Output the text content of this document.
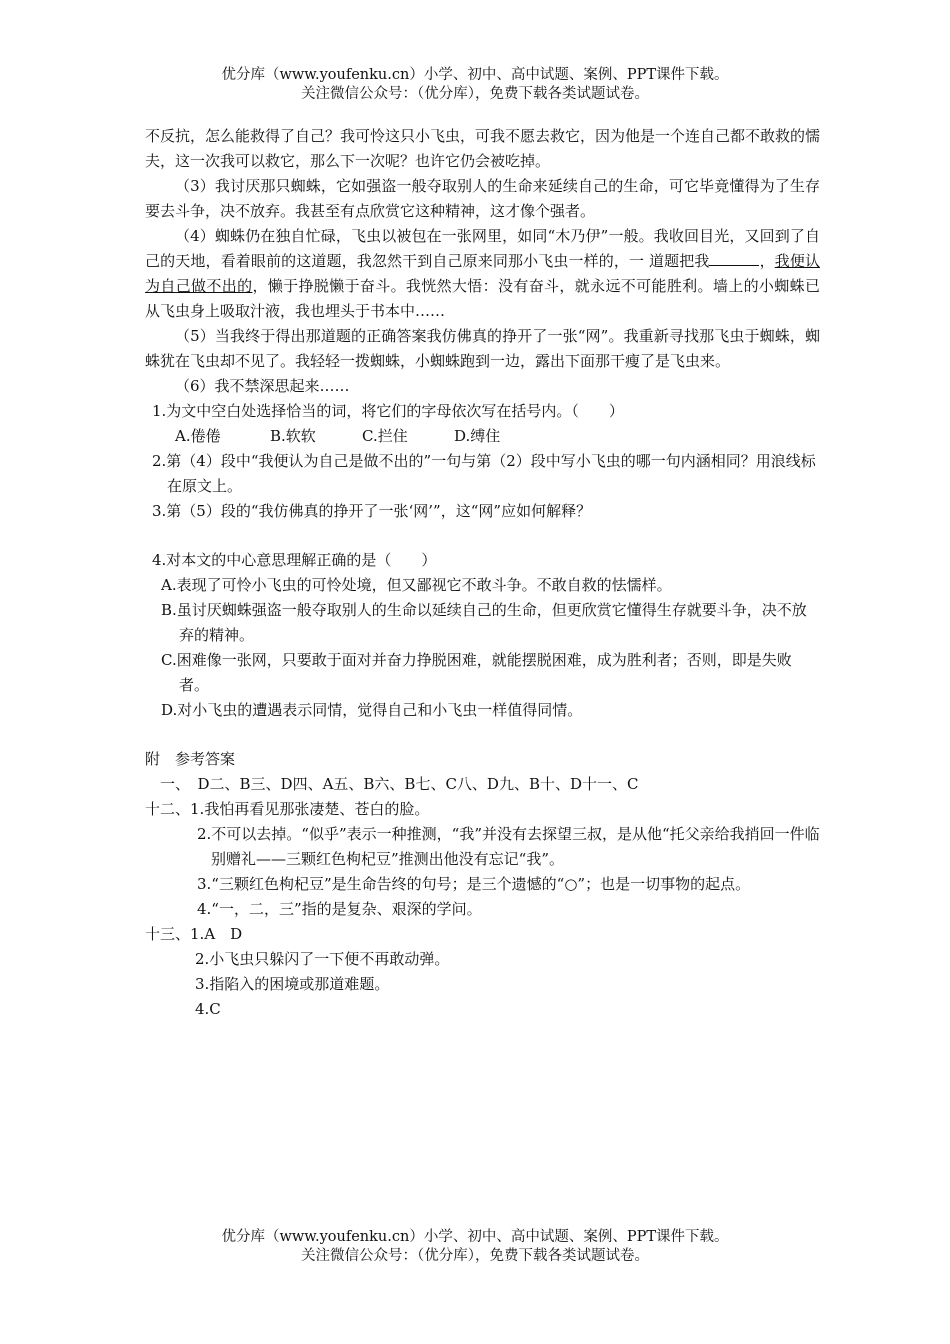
优分库（www.youfenku.cn）小学、初中、高中试题、案例、PPT课件下载。
关注微信公众号：（优分库），免费下载各类试题试卷。
不反抗，怎么能救得了自己？我可怜这只小飞虫，可我不愿去救它，因为他是一个连自己都不敢救的懦夫，这一次我可以救它，那么下一次呢？也许它仍会被吃掉。
（3）我讨厌那只蜘蛛，它如强盗一般夺取别人的生命来延续自己的生命，可它毕竟懂得为了生存要去斗争，决不放弃。我甚至有点欣赏它这种精神，这才像个强者。
（4）蜘蛛仍在独自忙碌，飞虫以被包在一张网里，如同“木乃伊”一般。我收回目光，又回到了自己的天地，看着眼前的这道题，我忽然干到自己原来同那小飞虫一样的，一 道题把我	，我便认为自己做不出的，懒于挣脱懒于奋斗。我恍然大悟：没有奋斗，就永远不可能胜利。墙上的小蜘蛛已从飞虫身上吸取汁液，我也埋头于书本中……
（5）当我终于得出那道题的正确答案我仿佛真的挣开了一张“网”。我重新寻找那飞虫于蜘蛛，蜘蛛犹在飞虫却不见了。我轻轻一拨蜘蛛，小蜘蛛跑到一边，露出下面那干瘦了是飞虫来。
（6）我不禁深思起来……
1.为文中空白处选择恰当的词，将它们的字母依次写在括号内。（　　）
A.倦倦	B.软软	C.拦住	D.缚住
2.第（4）段中“我便认为自己是做不出的”一句与第（2）段中写小飞虫的哪一句内涵相同？用浪线标在原文上。
3.第（5）段的“我仿佛真的挣开了一张‘网’”，这“网”应如何解释？
4.对本文的中心意思理解正确的是（　　）
A.表现了可怜小飞虫的可怜处境，但又鄙视它不敢斗争。不敢自救的怯懦样。
B.虽讨厌蜘蛛强盗一般夺取别人的生命以延续自己的生命，但更欣赏它懂得生存就要斗争，决不放弃的精神。
C.困难像一张网，只要敢于面对并奋力挣脱困难，就能摆脱困难，成为胜利者；否则，即是失败者。
D.对小飞虫的遭遇表示同情，觉得自己和小飞虫一样值得同情。
附　参考答案
　一、　D二、B三、D四、A五、B六、B七、C八、D九、B十、D十一、C
十二、1.我怕再看见那张凄楚、苍白的脸。
2.不可以去掉。“似乎”表示一种推测，“我”并没有去探望三叔，是从他“托父亲给我捎回一件临别赠礼——三颗红色枸杞豆”推测出他没有忘记“我”。
3.“三颗红色枸杞豆”是生命告终的句号；是三个遗憾的“○”；也是一切事物的起点。
4.“一，二，三”指的是复杂、艰深的学问。
十三、1.A　D
2.小飞虫只躲闪了一下便不再敢动弹。
3.指陷入的困境或那道难题。
4.C
优分库（www.youfenku.cn）小学、初中、高中试题、案例、PPT课件下载。
关注微信公众号：（优分库），免费下载各类试题试卷。
